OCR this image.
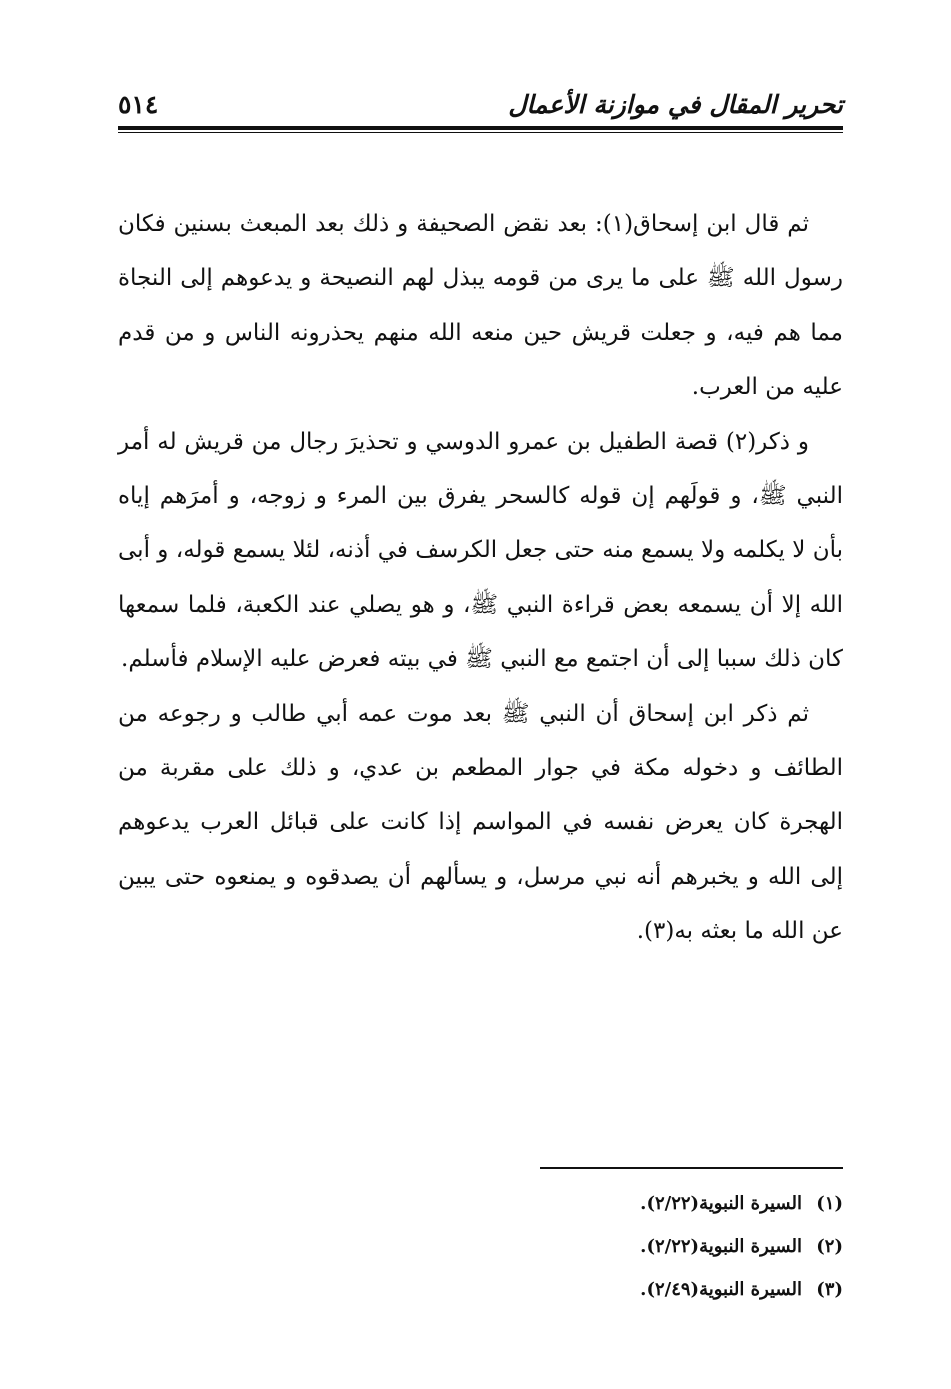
تحرير المقال في موازنة الأعمال
٥١٤

ثم قال ابن إسحاق(١): بعد نقض الصحيفة و ذلك بعد المبعث بسنين فكان رسول الله ﷺ على ما يرى من قومه يبذل لهم النصيحة و يدعوهم إلى النجاة مما هم فيه، و جعلت قريش حين منعه الله منهم يحذرونه الناس و من قدم عليه من العرب.

و ذكر(٢) قصة الطفيل بن عمرو الدوسي و تحذيرَ رجال من قريش له أمر النبي ﷺ، و قولَهم إن قوله كالسحر يفرق بين المرء و زوجه، و أمرَهم إياه بأن لا يكلمه ولا يسمع منه حتى جعل الكرسف في أذنه، لئلا يسمع قوله، و أبى الله إلا أن يسمعه بعض قراءة النبي ﷺ، و هو يصلي عند الكعبة، فلما سمعها كان ذلك سببا إلى أن اجتمع مع النبي ﷺ في بيته فعرض عليه الإسلام فأسلم.

ثم ذكر ابن إسحاق أن النبي ﷺ بعد موت عمه أبي طالب و رجوعه من الطائف و دخوله مكة في جوار المطعم بن عدي، و ذلك على مقربة من الهجرة كان يعرض نفسه في المواسم إذا كانت على قبائل العرب يدعوهم إلى الله و يخبرهم أنه نبي مرسل، و يسألهم أن يصدقوه و يمنعوه حتى يبين عن الله ما بعثه به(٣).

(١) السيرة النبوية(٢/٢٢).
(٢) السيرة النبوية(٢/٢٢).
(٣) السيرة النبوية(٢/٤٩).
